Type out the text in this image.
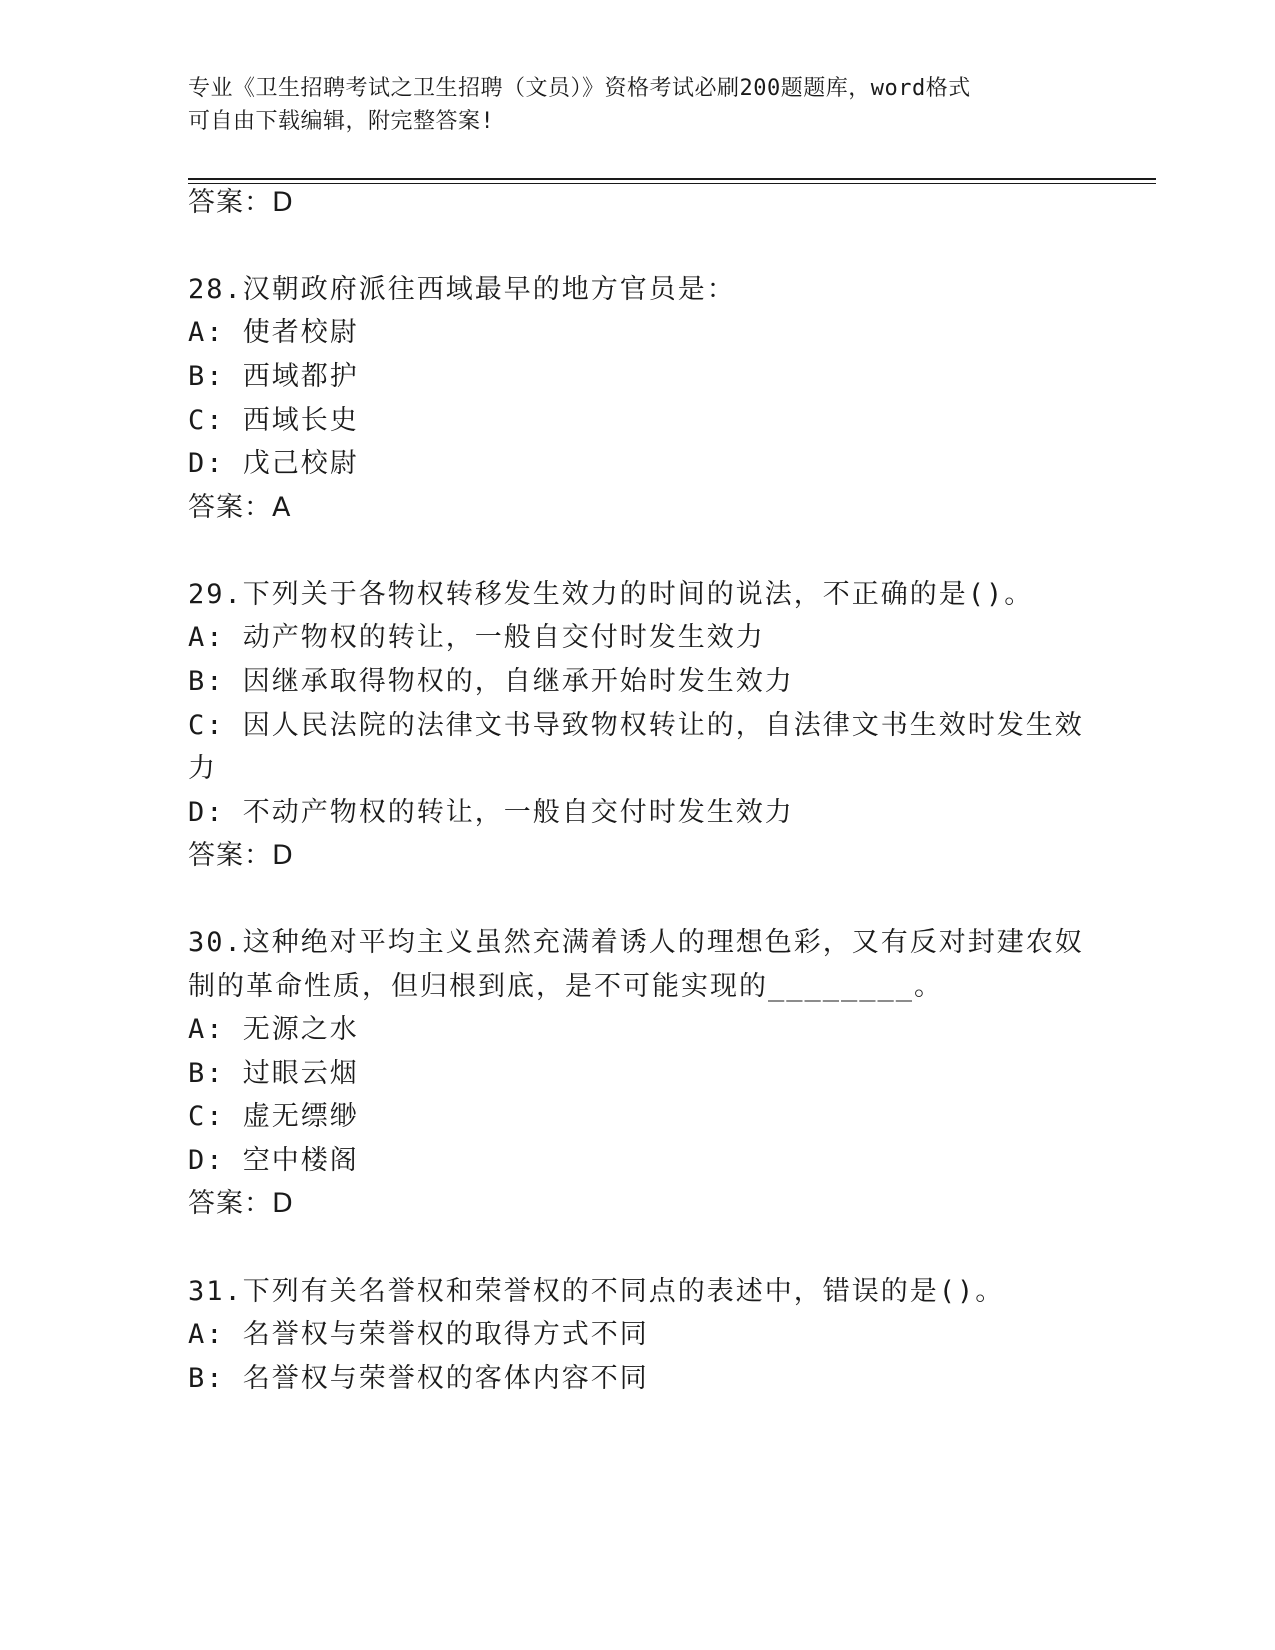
专业《卫生招聘考试之卫生招聘（文员）》资格考试必刷200题题库，word格式

可自由下载编辑，附完整答案!

答案：D
28.汉朝政府派往西域最早的地方官员是：
A: 使者校尉
B: 西域都护
C: 西域长史
D: 戊己校尉
答案：A
29.下列关于各物权转移发生效力的时间的说法，不正确的是()。
A: 动产物权的转让，一般自交付时发生效力
B: 因继承取得物权的，自继承开始时发生效力
C: 因人民法院的法律文书导致物权转让的，自法律文书生效时发生效
力
D: 不动产物权的转让，一般自交付时发生效力
答案：D
30.这种绝对平均主义虽然充满着诱人的理想色彩，又有反对封建农奴
制的革命性质，但归根到底，是不可能实现的________。
A: 无源之水
B: 过眼云烟
C: 虚无缥缈
D: 空中楼阁
答案：D
31.下列有关名誉权和荣誉权的不同点的表述中，错误的是()。
A: 名誉权与荣誉权的取得方式不同
B: 名誉权与荣誉权的客体内容不同
